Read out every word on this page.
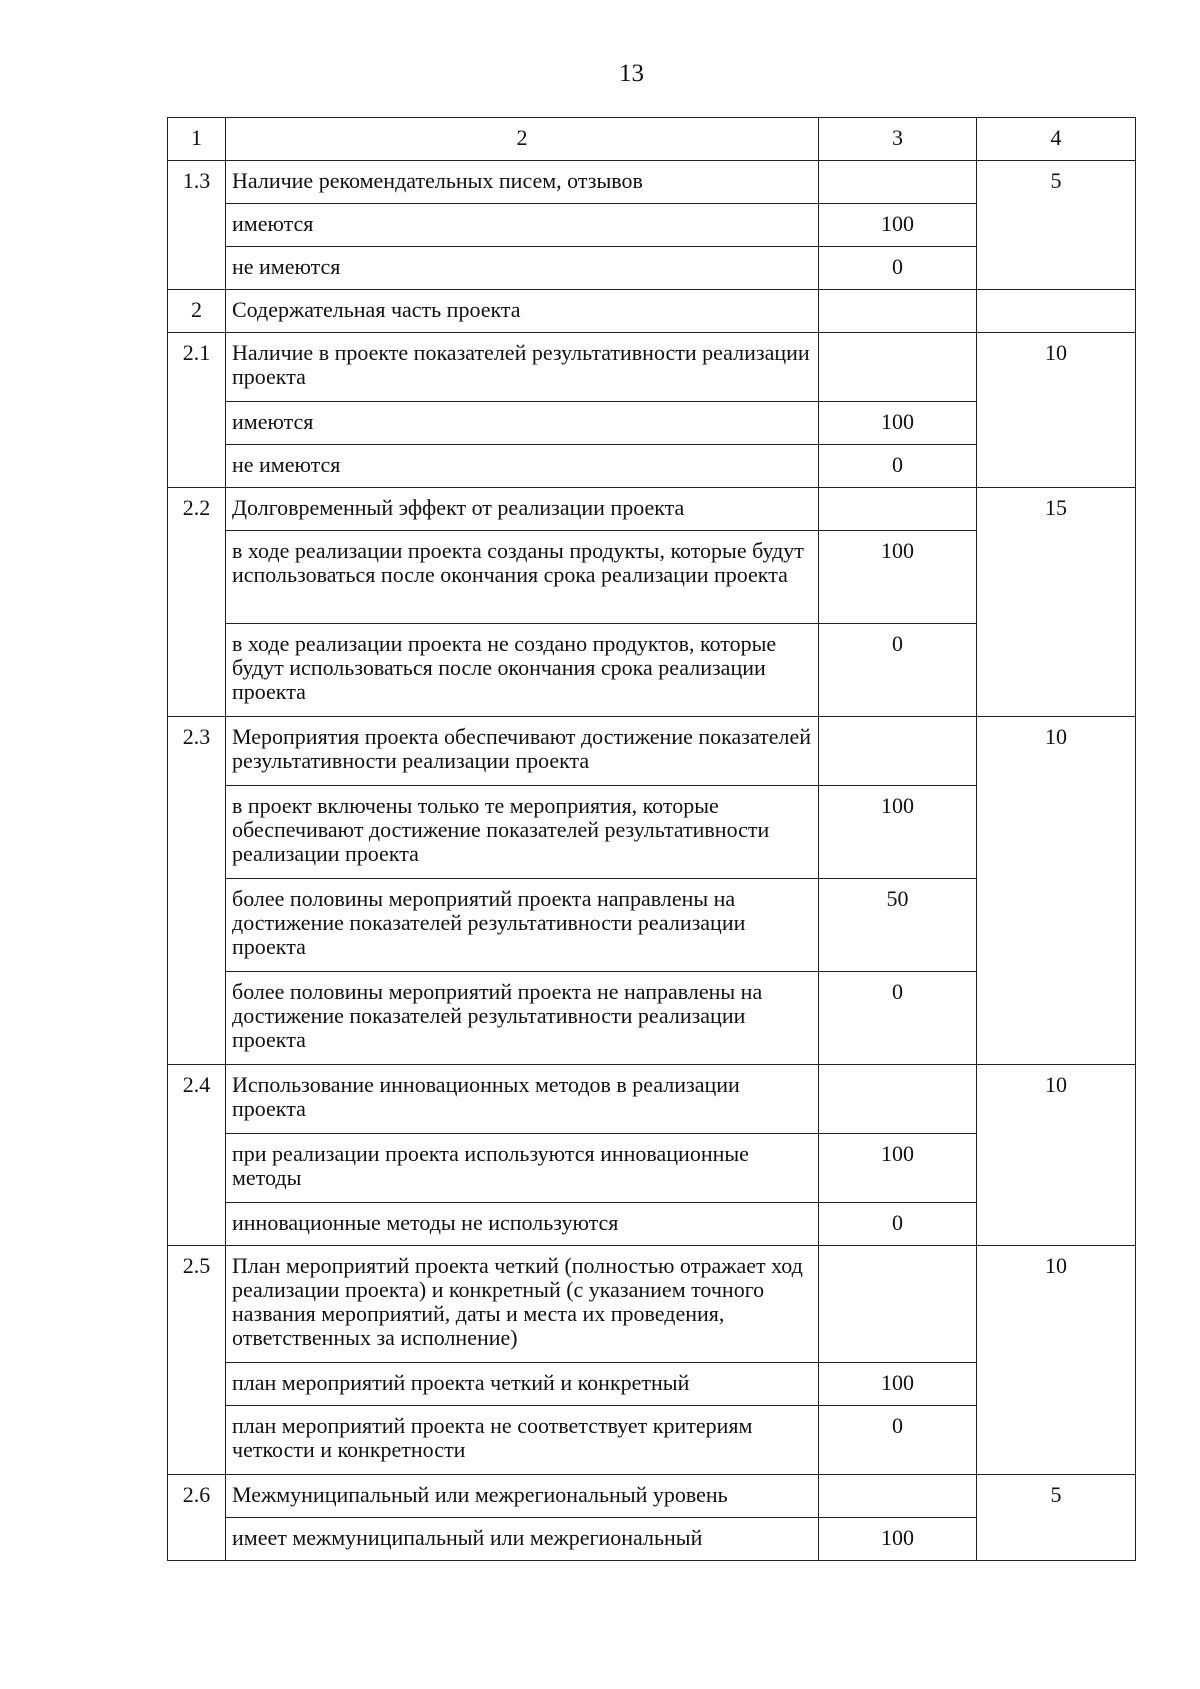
13
1	2	3	4
1.3	Наличие рекомендательных писем, отзывов		5
	имеются	100	
	не имеются	0	
2	Содержательная часть проекта		
2.1	Наличие в проекте показателей результативности реализации проекта		10
	имеются	100	
	не имеются	0	
2.2	Долговременный эффект от реализации проекта		15
	в ходе реализации проекта созданы продукты, которые будут использоваться после окончания срока реализации проекта	100	
	в ходе реализации проекта не создано продуктов, которые будут использоваться после окончания срока реализации проекта	0	
2.3	Мероприятия проекта обеспечивают достижение показателей результативности реализации проекта		10
	в проект включены только те мероприятия, которые обеспечивают достижение показателей результативности реализации проекта	100	
	более половины мероприятий проекта направлены на достижение показателей результативности реализации проекта	50	
	более половины мероприятий проекта не направлены на достижение показателей результативности реализации проекта	0	
2.4	Использование инновационных методов в реализации проекта		10
	при реализации проекта используются инновационные методы	100	
	инновационные методы не используются	0	
2.5	План мероприятий проекта четкий (полностью отражает ход реализации проекта) и конкретный (с указанием точного названия мероприятий, даты и места их проведения, ответственных за исполнение)		10
	план мероприятий проекта четкий и конкретный	100	
	план мероприятий проекта не соответствует критериям четкости и конкретности	0	
2.6	Межмуниципальный или межрегиональный уровень		5
	имеет межмуниципальный или межрегиональный	100	
